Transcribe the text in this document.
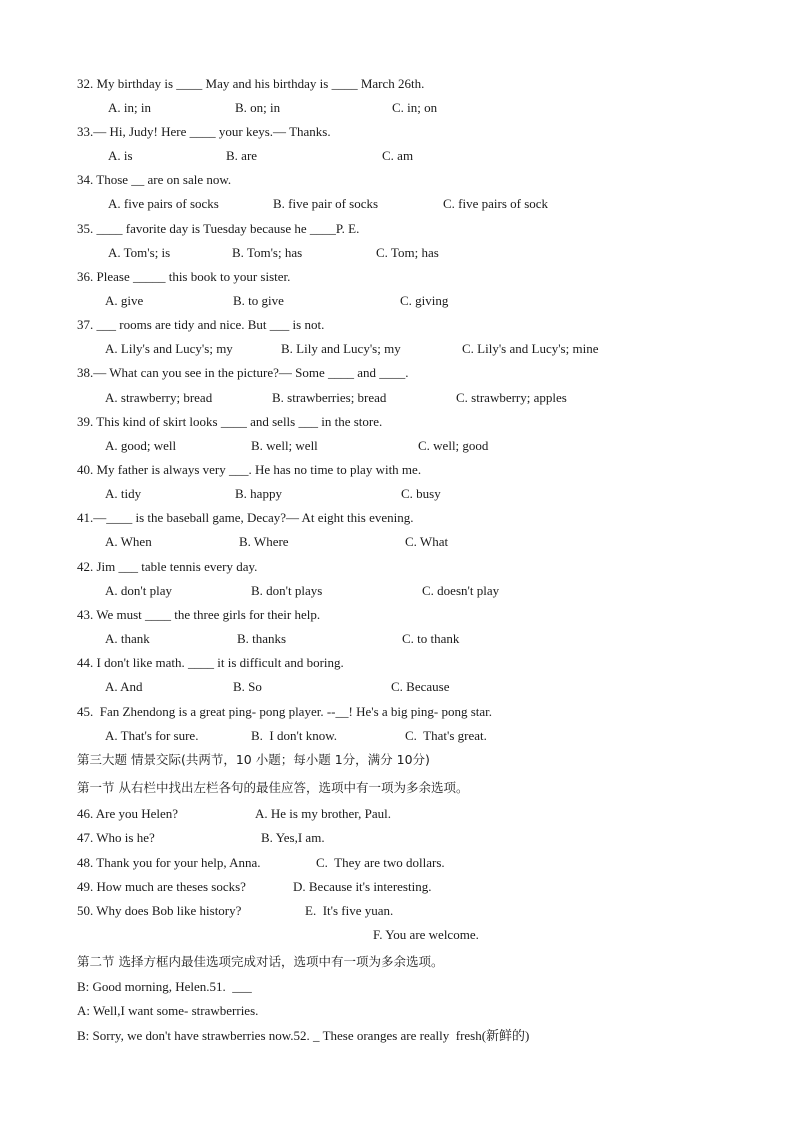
32. My birthday is ____ May and his birthday is ____ March 26th.
A. in; in	B. on; in	C. in; on
33.— Hi, Judy! Here ____ your keys.— Thanks.
A. is	B. are	C. am
34. Those __ are on sale now.
A. five pairs of socks	B. five pair of socks	C. five pairs of sock
35. ____ favorite day is Tuesday because he ____P. E.
A. Tom's; is	B. Tom's; has	C. Tom; has
36. Please _____ this book to your sister.
A. give	B. to give	C. giving
37. ___ rooms are tidy and nice. But ___ is not.
A. Lily's and Lucy's; my	B. Lily and Lucy's; my	C. Lily's and Lucy's; mine
38.— What can you see in the picture?— Some ____ and ____.
A. strawberry; bread	B. strawberries; bread	C. strawberry; apples
39. This kind of skirt looks ____ and sells ___ in the store.
A. good; well	B. well; well	C. well; good
40. My father is always very ___. He has no time to play with me.
A. tidy	B. happy	C. busy
41.—____ is the baseball game, Decay?— At eight this evening.
A. When	B. Where	C. What
42. Jim ___ table tennis every day.
A. don't play	B. don't plays	C. doesn't play
43. We must ____ the three girls for their help.
A. thank	B. thanks	C. to thank
44. I don't like math. ____ it is difficult and boring.
A. And	B. So	C. Because
45.  Fan Zhendong is a great ping- pong player. --__! He's a big ping- pong star.
A. That's for sure.	B.  I don't know.	C.  That's great.
第三大题 情景交际(共两节，10 小题；每小题 1分，满分 10分)
第一节 从右栏中找出左栏各句的最佳应答，选项中有一项为多余选项。
46. Are you Helen?	A. He is my brother, Paul.
47. Who is he?	B. Yes,I am.
48. Thank you for your help, Anna.	C.  They are two dollars.
49. How much are theses socks?	D. Because it's interesting.
50. Why does Bob like history?	E.  It's five yuan.
F. You are welcome.
第二节 选择方框内最佳选项完成对话，选项中有一项为多余选项。
B: Good morning, Helen.51.  ___
A: Well,I want some- strawberries.
B: Sorry, we don't have strawberries now.52. _ These oranges are really  fresh(新鲜的)
